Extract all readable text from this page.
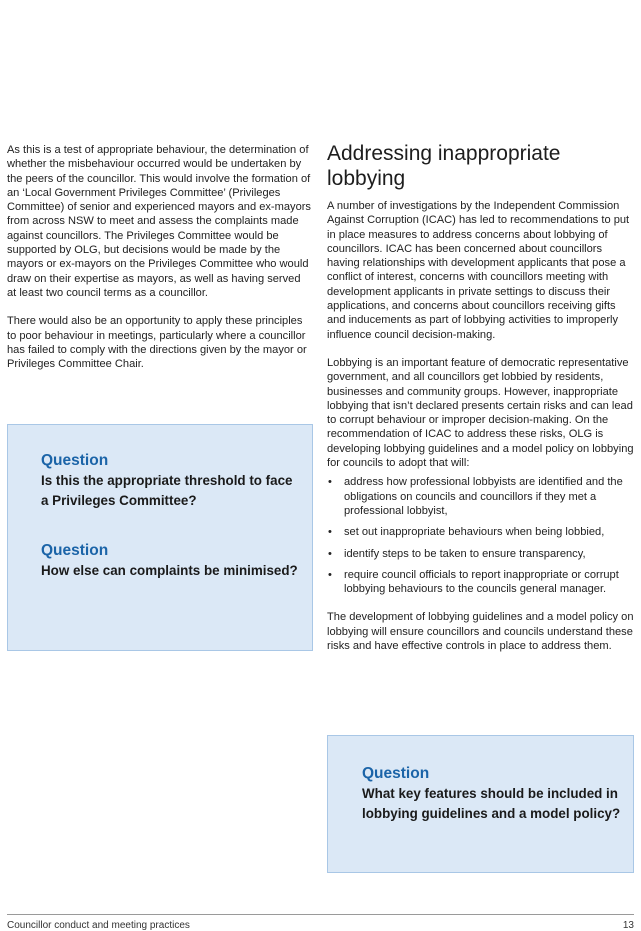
As this is a test of appropriate behaviour, the determination of whether the misbehaviour occurred would be undertaken by the peers of the councillor. This would involve the formation of an ‘Local Government Privileges Committee’ (Privileges Committee) of senior and experienced mayors and ex-mayors from across NSW to meet and assess the complaints made against councillors. The Privileges Committee would be supported by OLG, but decisions would be made by the mayors or ex-mayors on the Privileges Committee who would draw on their expertise as mayors, as well as having served at least two council terms as a councillor.

There would also be an opportunity to apply these principles to poor behaviour in meetings, particularly where a councillor has failed to comply with the directions given by the mayor or Privileges Committee Chair.

Question
Is this the appropriate threshold to face a Privileges Committee?
Question
How else can complaints be minimised?
Addressing inappropriate lobbying

A number of investigations by the Independent Commission Against Corruption (ICAC) has led to recommendations to put in place measures to address concerns about lobbying of councillors. ICAC has been concerned about councillors having relationships with development applicants that pose a conflict of interest, concerns with councillors meeting with development applicants in private settings to discuss their applications, and concerns about councillors receiving gifts and inducements as part of lobbying activities to improperly influence council decision-making.

Lobbying is an important feature of democratic representative government, and all councillors get lobbied by residents, businesses and community groups. However, inappropriate lobbying that isn’t declared presents certain risks and can lead to corrupt behaviour or improper decision-making. On the recommendation of ICAC to address these risks, OLG is developing lobbying guidelines and a model policy on lobbying for councils to adopt that will:

• address how professional lobbyists are identified and the obligations on councils and councillors if they met a professional lobbyist,
• set out inappropriate behaviours when being lobbied,
• identify steps to be taken to ensure transparency,
• require council officials to report inappropriate or corrupt lobbying behaviours to the councils general manager.

The development of lobbying guidelines and a model policy on lobbying will ensure councillors and councils understand these risks and have effective controls in place to address them.

Question
What key features should be included in lobbying guidelines and a model policy?
Councillor conduct and meeting practices	13
